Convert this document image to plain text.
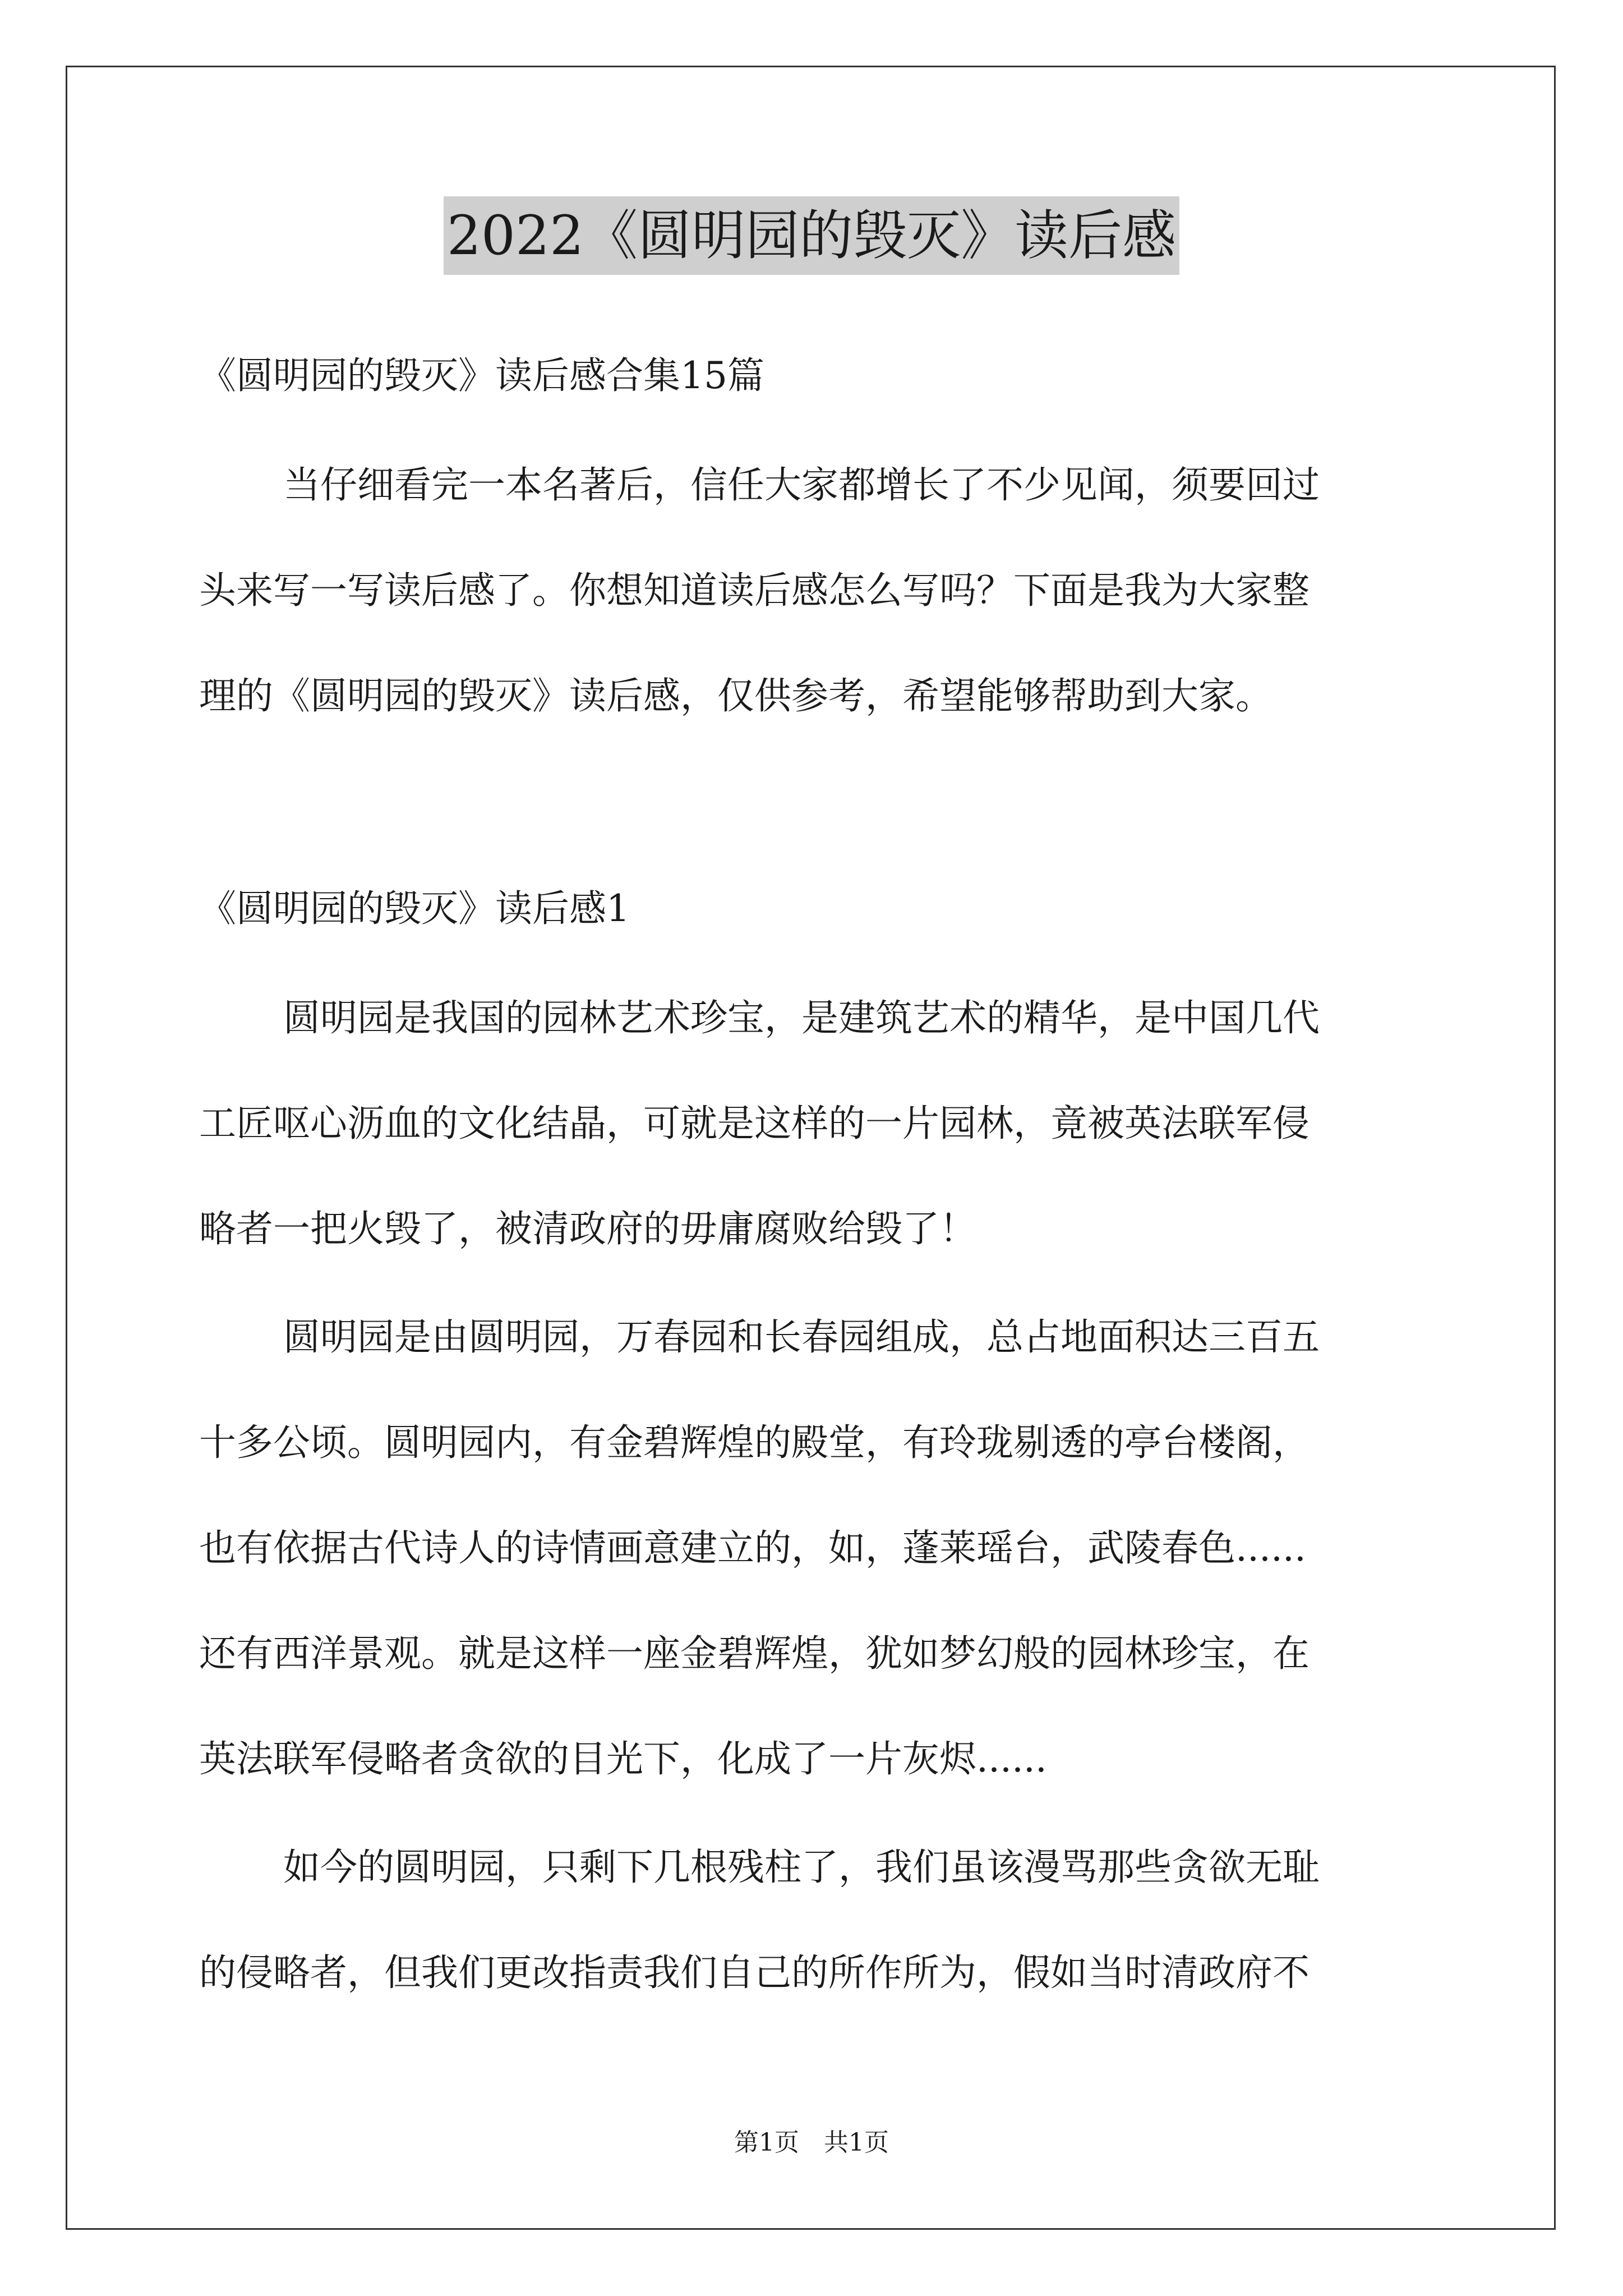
2022《圆明园的毁灭》读后感
《圆明园的毁灭》读后感合集15篇
当仔细看完一本名著后，信任大家都增长了不少见闻，须要回过
头来写一写读后感了。你想知道读后感怎么写吗？下面是我为大家整
理的《圆明园的毁灭》读后感，仅供参考，希望能够帮助到大家。
《圆明园的毁灭》读后感1
圆明园是我国的园林艺术珍宝，是建筑艺术的精华，是中国几代
工匠呕心沥血的文化结晶，可就是这样的一片园林，竟被英法联军侵
略者一把火毁了，被清政府的毋庸腐败给毁了！
圆明园是由圆明园，万春园和长春园组成，总占地面积达三百五
十多公顷。圆明园内，有金碧辉煌的殿堂，有玲珑剔透的亭台楼阁，
也有依据古代诗人的诗情画意建立的，如，蓬莱瑶台，武陵春色......
还有西洋景观。就是这样一座金碧辉煌，犹如梦幻般的园林珍宝，在
英法联军侵略者贪欲的目光下，化成了一片灰烬......
如今的圆明园，只剩下几根残柱了，我们虽该漫骂那些贪欲无耻
的侵略者，但我们更改指责我们自己的所作所为，假如当时清政府不
第1页　共1页
